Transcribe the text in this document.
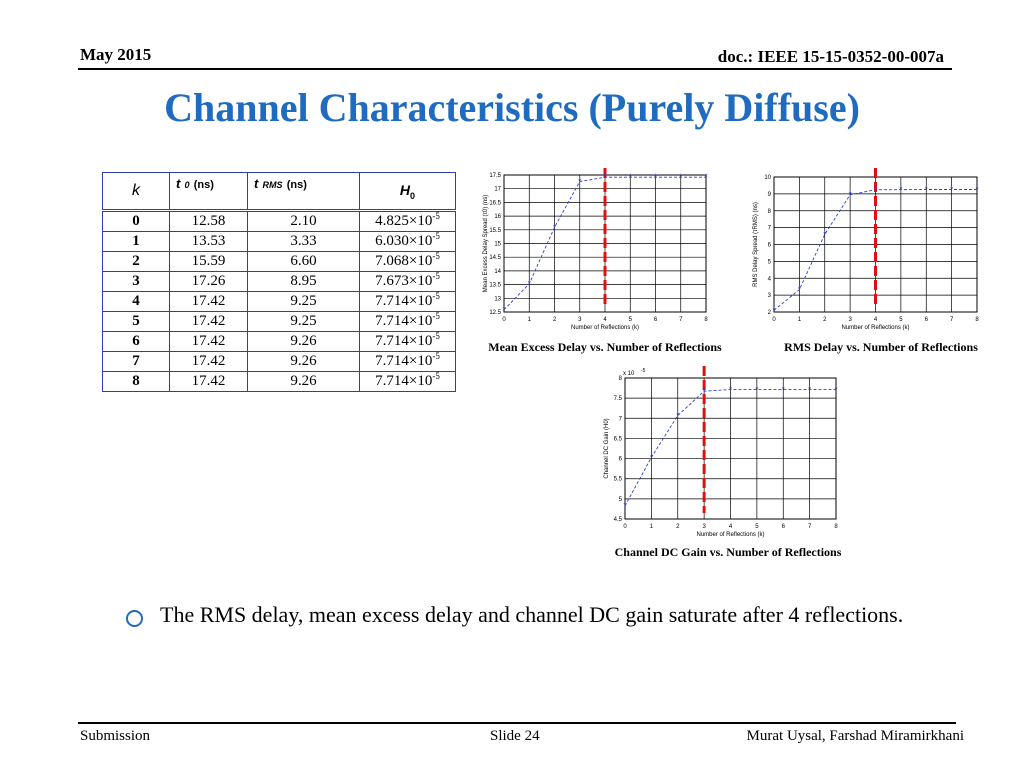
May 2015	doc.: IEEE 15-15-0352-00-007a
Channel Characteristics (Purely Diffuse)
k	t 0 (ns)	t RMS (ns)	$H_0$
0	12.58	2.10	$4.825\times 10^{-5}$
1	13.53	3.33	$6.030\times 10^{-5}$
2	15.59	6.60	$7.068\times 10^{-5}$
3	17.26	8.95	$7.673\times 10^{-5}$
4	17.42	9.25	$7.714\times 10^{-5}$
5	17.42	9.25	$7.714\times 10^{-5}$
6	17.42	9.26	$7.714\times 10^{-5}$
7	17.42	9.26	$7.714\times 10^{-5}$
8	17.42	9.26	$7.714\times 10^{-5}$
0	1	2	3	4	5	6	7	8
12.5
13
13.5
14
14.5
15
15.5
16
16.5
17
17.5
Number of Reflections (k)
Mean Excess Delay Spread (τ0) (ns)
*
*
*
*	*	*	*	*	*
Mean Excess Delay vs. Number of Reflections
0	1	2	3	4	5	6	7	8
2
3
4
5
6
7
8
9
10
Number of Reflections (k)
RMS Delay Spread (τRMS) (ns)
*
*
*
*
*	*	*	*	*
RMS Delay vs. Number of Reflections
0	1	2	3	4	5	6	7	8
4.5
5
5.5
6
6.5
7
7.5
8
Number of Reflections (k)
Channel DC Gain (H0)
x 10 -5
*
*
*
*	*	*	*	*	*
Channel DC Gain vs. Number of Reflections
The RMS delay, mean excess delay and channel DC gain saturate after 4 reflections.
Submission	Slide 24	Murat Uysal, Farshad Miramirkhani
